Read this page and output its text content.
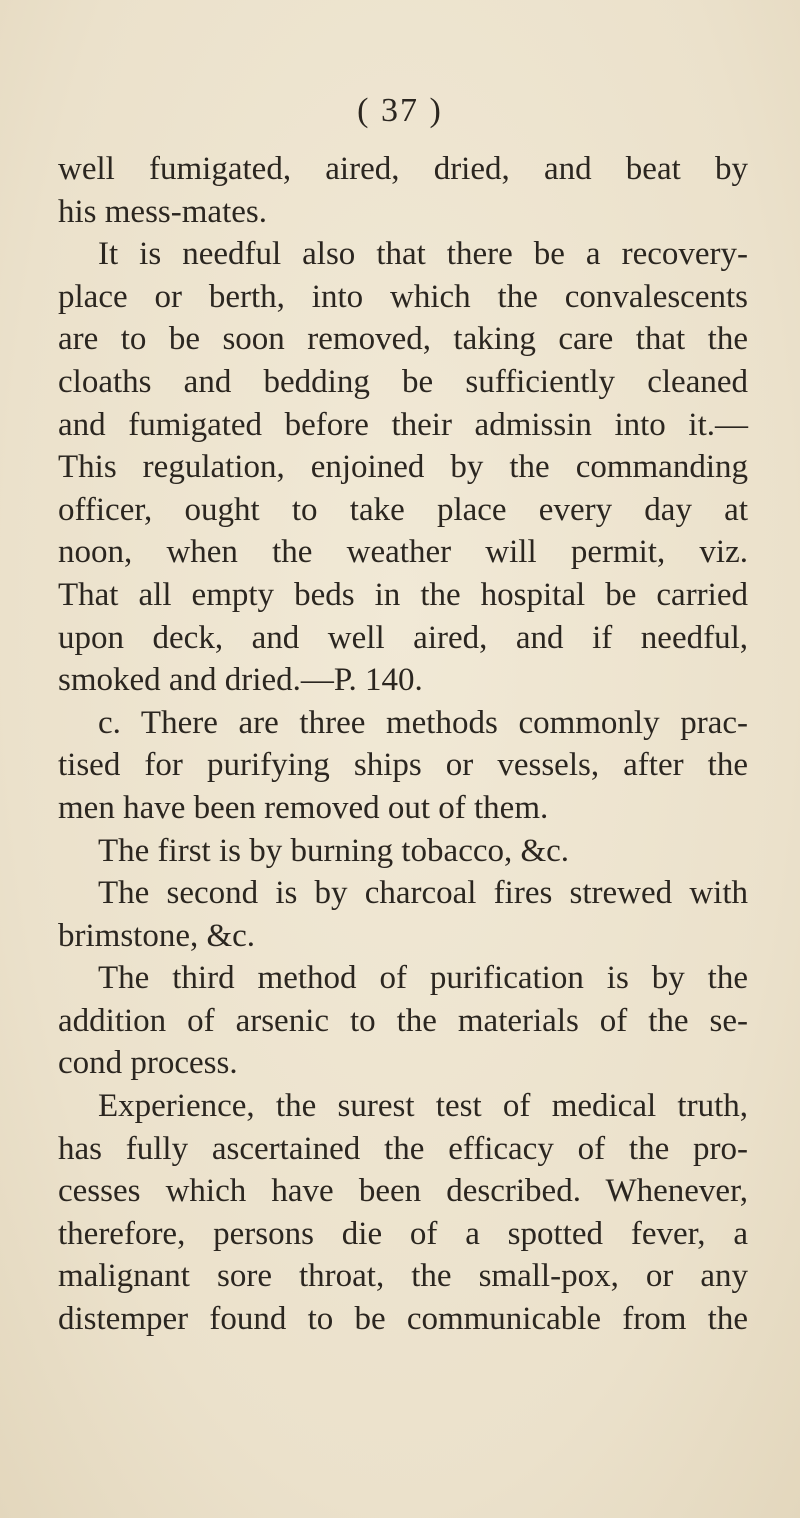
( 37 )
well fumigated, aired, dried, and beat by
his mess-mates.
It is needful also that there be a recovery-
place or berth, into which the convalescents
are to be soon removed, taking care that the
cloaths and bedding be sufficiently cleaned
and fumigated before their admissin into it.—
This regulation, enjoined by the commanding
officer, ought to take place every day at
noon, when the weather will permit, viz.
That all empty beds in the hospital be carried
upon deck, and well aired, and if needful,
smoked and dried.—P. 140.
c. There are three methods commonly prac-
tised for purifying ships or vessels, after the
men have been removed out of them.
The first is by burning tobacco, &c.
The second is by charcoal fires strewed with
brimstone, &c.
The third method of purification is by the
addition of arsenic to the materials of the se-
cond process.
Experience, the surest test of medical truth,
has fully ascertained the efficacy of the pro-
cesses which have been described. Whenever,
therefore, persons die of a spotted fever, a
malignant sore throat, the small-pox, or any
distemper found to be communicable from the
